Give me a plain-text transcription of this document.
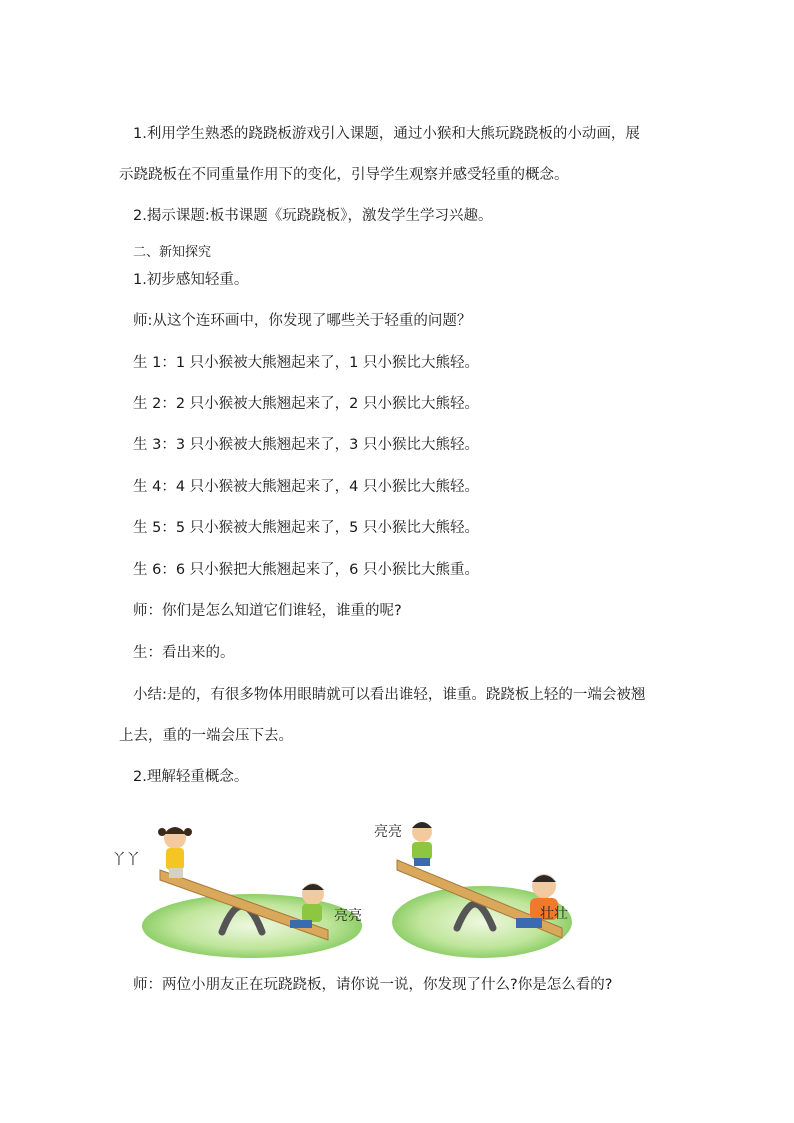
1.利用学生熟悉的跷跷板游戏引入课题，通过小猴和大熊玩跷跷板的小动画，展
示跷跷板在不同重量作用下的变化，引导学生观察并感受轻重的概念。
2.揭示课题:板书课题《玩跷跷板》，激发学生学习兴趣。
二、新知探究
1.初步感知轻重。
师:从这个连环画中，你发现了哪些关于轻重的问题？
生 1：1 只小猴被大熊翘起来了，1 只小猴比大熊轻。
生 2：2 只小猴被大熊翘起来了，2 只小猴比大熊轻。
生 3：3 只小猴被大熊翘起来了，3 只小猴比大熊轻。
生 4：4 只小猴被大熊翘起来了，4 只小猴比大熊轻。
生 5：5 只小猴被大熊翘起来了，5 只小猴比大熊轻。
生 6：6 只小猴把大熊翘起来了，6 只小猴比大熊重。
师：你们是怎么知道它们谁轻，谁重的呢?
生：看出来的。
小结:是的，有很多物体用眼睛就可以看出谁轻，谁重。跷跷板上轻的一端会被翘
上去，重的一端会压下去。
2.理解轻重概念。
丫丫
亮亮
亮亮
壮壮
师：两位小朋友正在玩跷跷板，请你说一说，你发现了什么?你是怎么看的?
